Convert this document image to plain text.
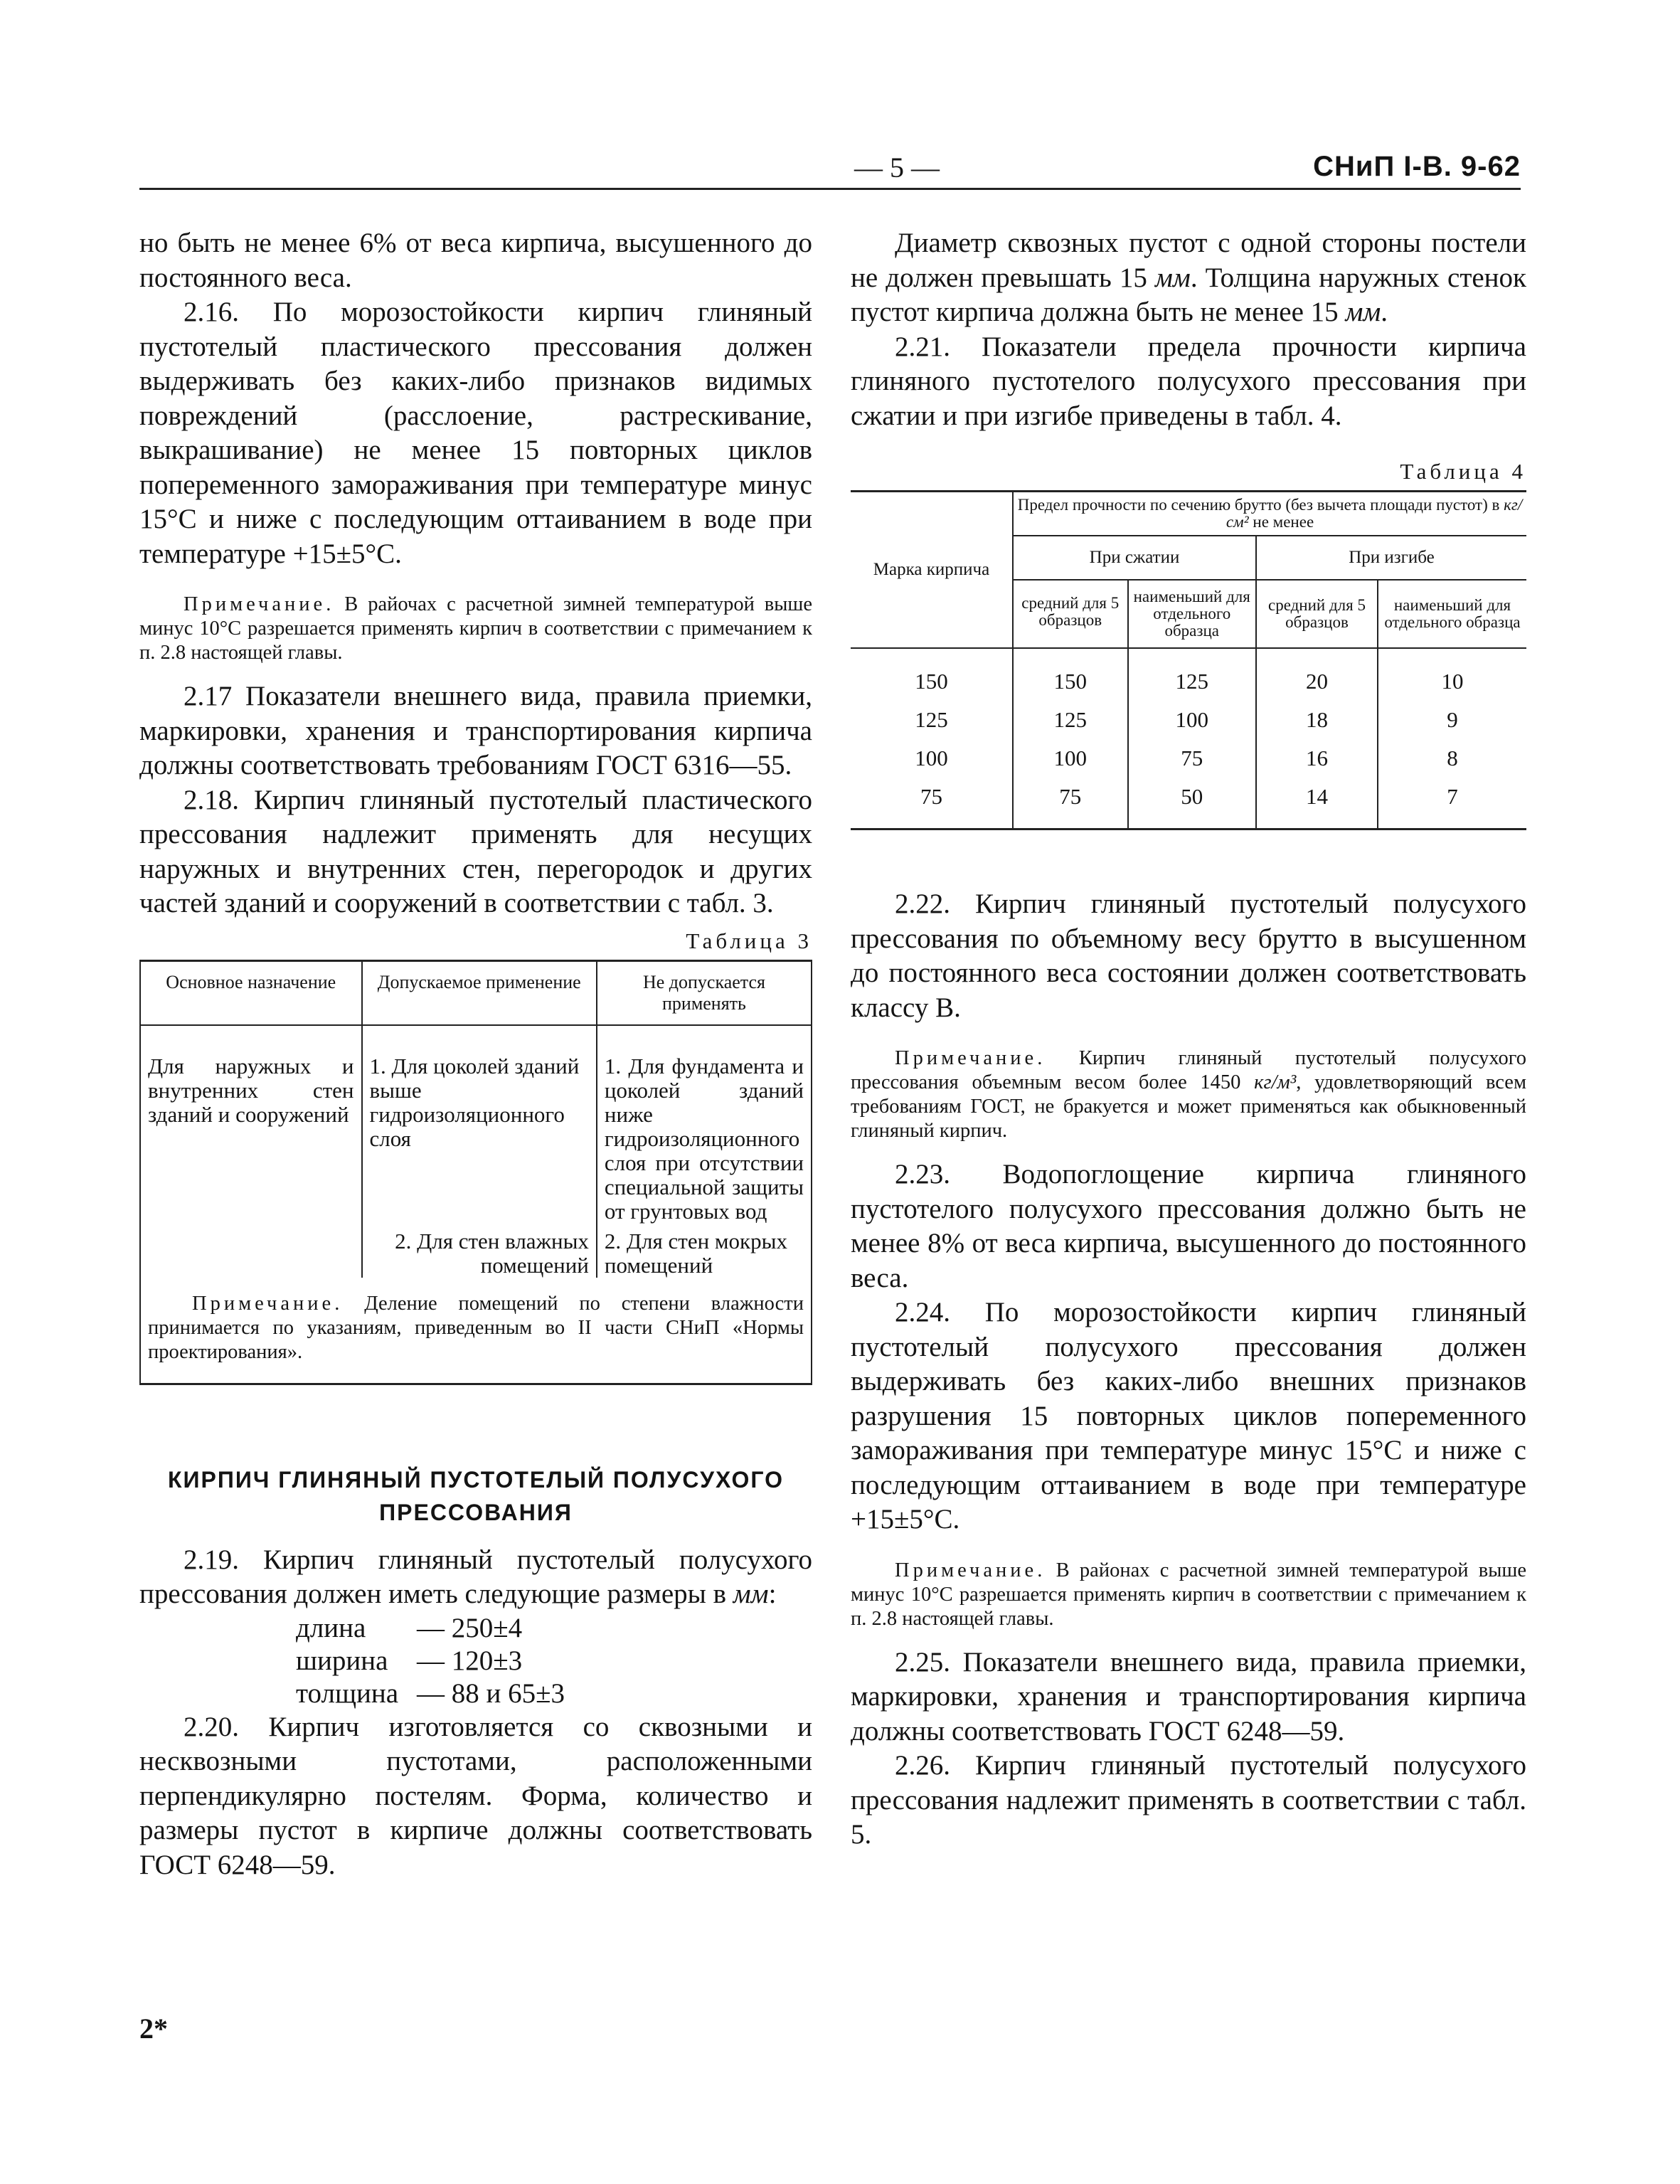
— 5 —	СНиП I-В. 9-62

но быть не менее 6% от веса кирпича, высушенного до постоянного веса.

2.16. По морозостойкости кирпич глиняный пустотелый пластического прессования должен выдерживать без каких-либо признаков видимых повреждений (расслоение, растрескивание, выкрашивание) не менее 15 повторных циклов попеременного замораживания при температуре минус 15°С и ниже с последующим оттаиванием в воде при температуре +15±5°С.

Примечание. В райочах с расчетной зимней температурой выше минус 10°С разрешается применять кирпич в соответствии с примечанием к п. 2.8 настоящей главы.

2.17 Показатели внешнего вида, правила приемки, маркировки, хранения и транспортирования кирпича должны соответствовать требованиям ГОСТ 6316—55.

2.18. Кирпич глиняный пустотелый пластического прессования надлежит применять для несущих наружных и внутренних стен, перегородок и других частей зданий и сооружений в соответствии с табл. 3.

Таблица 3
Основное назначение	Допускаемое применение	Не допускается применять
Для наружных и внутренних стен зданий и сооружений	1. Для цоколей зданий выше гидроизоляционного слоя	1. Для фундамента и цоколей зданий ниже гидроизоляционного слоя при отсутствии специальной защиты от грунтовых вод
	2. Для стен влажных помещений	2. Для стен мокрых помещений
Примечание. Деление помещений по степени влажности принимается по указаниям, приведенным во II части СНиП «Нормы проектирования».		
КИРПИЧ ГЛИНЯНЫЙ ПУСТОТЕЛЫЙ ПОЛУСУХОГО ПРЕССОВАНИЯ

2.19. Кирпич глиняный пустотелый полусухого прессования должен иметь следующие размеры в мм:

длина — 250±4
ширина — 120±3
толщина — 88 и 65±3

2.20. Кирпич изготовляется со сквозными и несквозными пустотами, расположенными перпендикулярно постелям. Форма, количество и размеры пустот в кирпиче должны соответствовать ГОСТ 6248—59.

Диаметр сквозных пустот с одной стороны постели не должен превышать 15 мм. Толщина наружных стенок пустот кирпича должна быть не менее 15 мм.

2.21. Показатели предела прочности кирпича глиняного пустотелого полусухого прессования при сжатии и при изгибе приведены в табл. 4.

Таблица 4
Марка кирпича	Предел прочности по сечению брутто (без вычета площади пустот) в кг/см² не менее			
	При сжатии		При изгибе	
	средний для 5 образцов	наименьший для отдельного образца	средний для 5 образцов	наименьший для отдельного образца
150	150	125	20	10
125	125	100	18	9
100	100	75	16	8
75	75	50	14	7

2.22. Кирпич глиняный пустотелый полусухого прессования по объемному весу брутто в высушенном до постоянного веса состоянии должен соответствовать классу В.

Примечание. Кирпич глиняный пустотелый полусухого прессования объемным весом более 1450 кг/м³, удовлетворяющий всем требованиям ГОСТ, не бракуется и может применяться как обыкновенный глиняный кирпич.

2.23. Водопоглощение кирпича глиняного пустотелого полусухого прессования должно быть не менее 8% от веса кирпича, высушенного до постоянного веса.

2.24. По морозостойкости кирпич глиняный пустотелый полусухого прессования должен выдерживать без каких-либо внешних признаков разрушения 15 повторных циклов попеременного замораживания при температуре минус 15°С и ниже с последующим оттаиванием в воде при температуре +15±5°С.

Примечание. В районах с расчетной зимней температурой выше минус 10°С разрешается применять кирпич в соответствии с примечанием к п. 2.8 настоящей главы.

2.25. Показатели внешнего вида, правила приемки, маркировки, хранения и транспортирования кирпича должны соответствовать ГОСТ 6248—59.

2.26. Кирпич глиняный пустотелый полусухого прессования надлежит применять в соответствии с табл. 5.

2*
